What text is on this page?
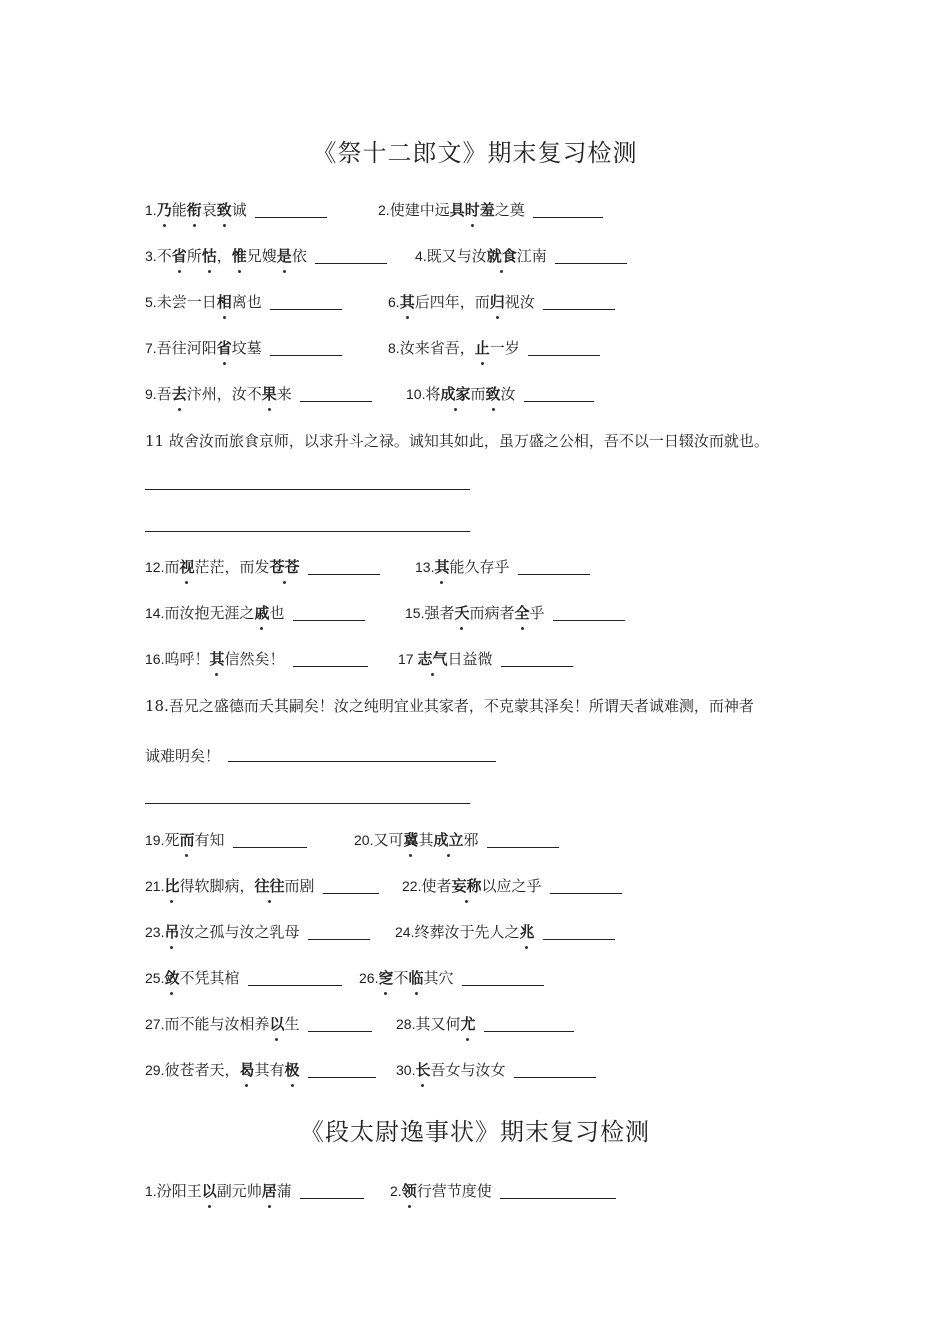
《祭十二郎文》期末复习检测
1.乃能衔哀致诚	2.使建中远具时羞之奠
3.不省所怙，惟兄嫂是依	4.既又与汝就食江南
5.未尝一日相离也	6.其后四年，而归视汝
7.吾往河阳省坟墓	8.汝来省吾，止一岁
9.吾去汴州，汝不果来	10.将成家而致汝
12.而视茫茫，而发苍苍	13.其能久存乎
14.而汝抱无涯之戚也	15.强者夭而病者全乎
16.呜呼！其信然矣！	17 志气日益微
19.死而有知	20.又可冀其成立邪
21.比得软脚病，往往而剧	22.使者妄称以应之乎
23.吊汝之孤与汝之乳母	24.终葬汝于先人之兆
25.敛不凭其棺	26.窆不临其穴
27.而不能与汝相养以生	28.其又何尤
29.彼苍者天，曷其有极	30.长吾女与汝女
1.汾阳王以副元帅居蒲	2.领行营节度使
11 故舍汝而旅食京师，以求升斗之禄。诚知其如此，虽万盛之公相，吾不以一日辍汝而就也。
18.吾兄之盛德而夭其嗣矣！汝之纯明宜业其家者，不克蒙其泽矣！所谓天者诚难测，而神者
诚难明矣！
《段太尉逸事状》期末复习检测
